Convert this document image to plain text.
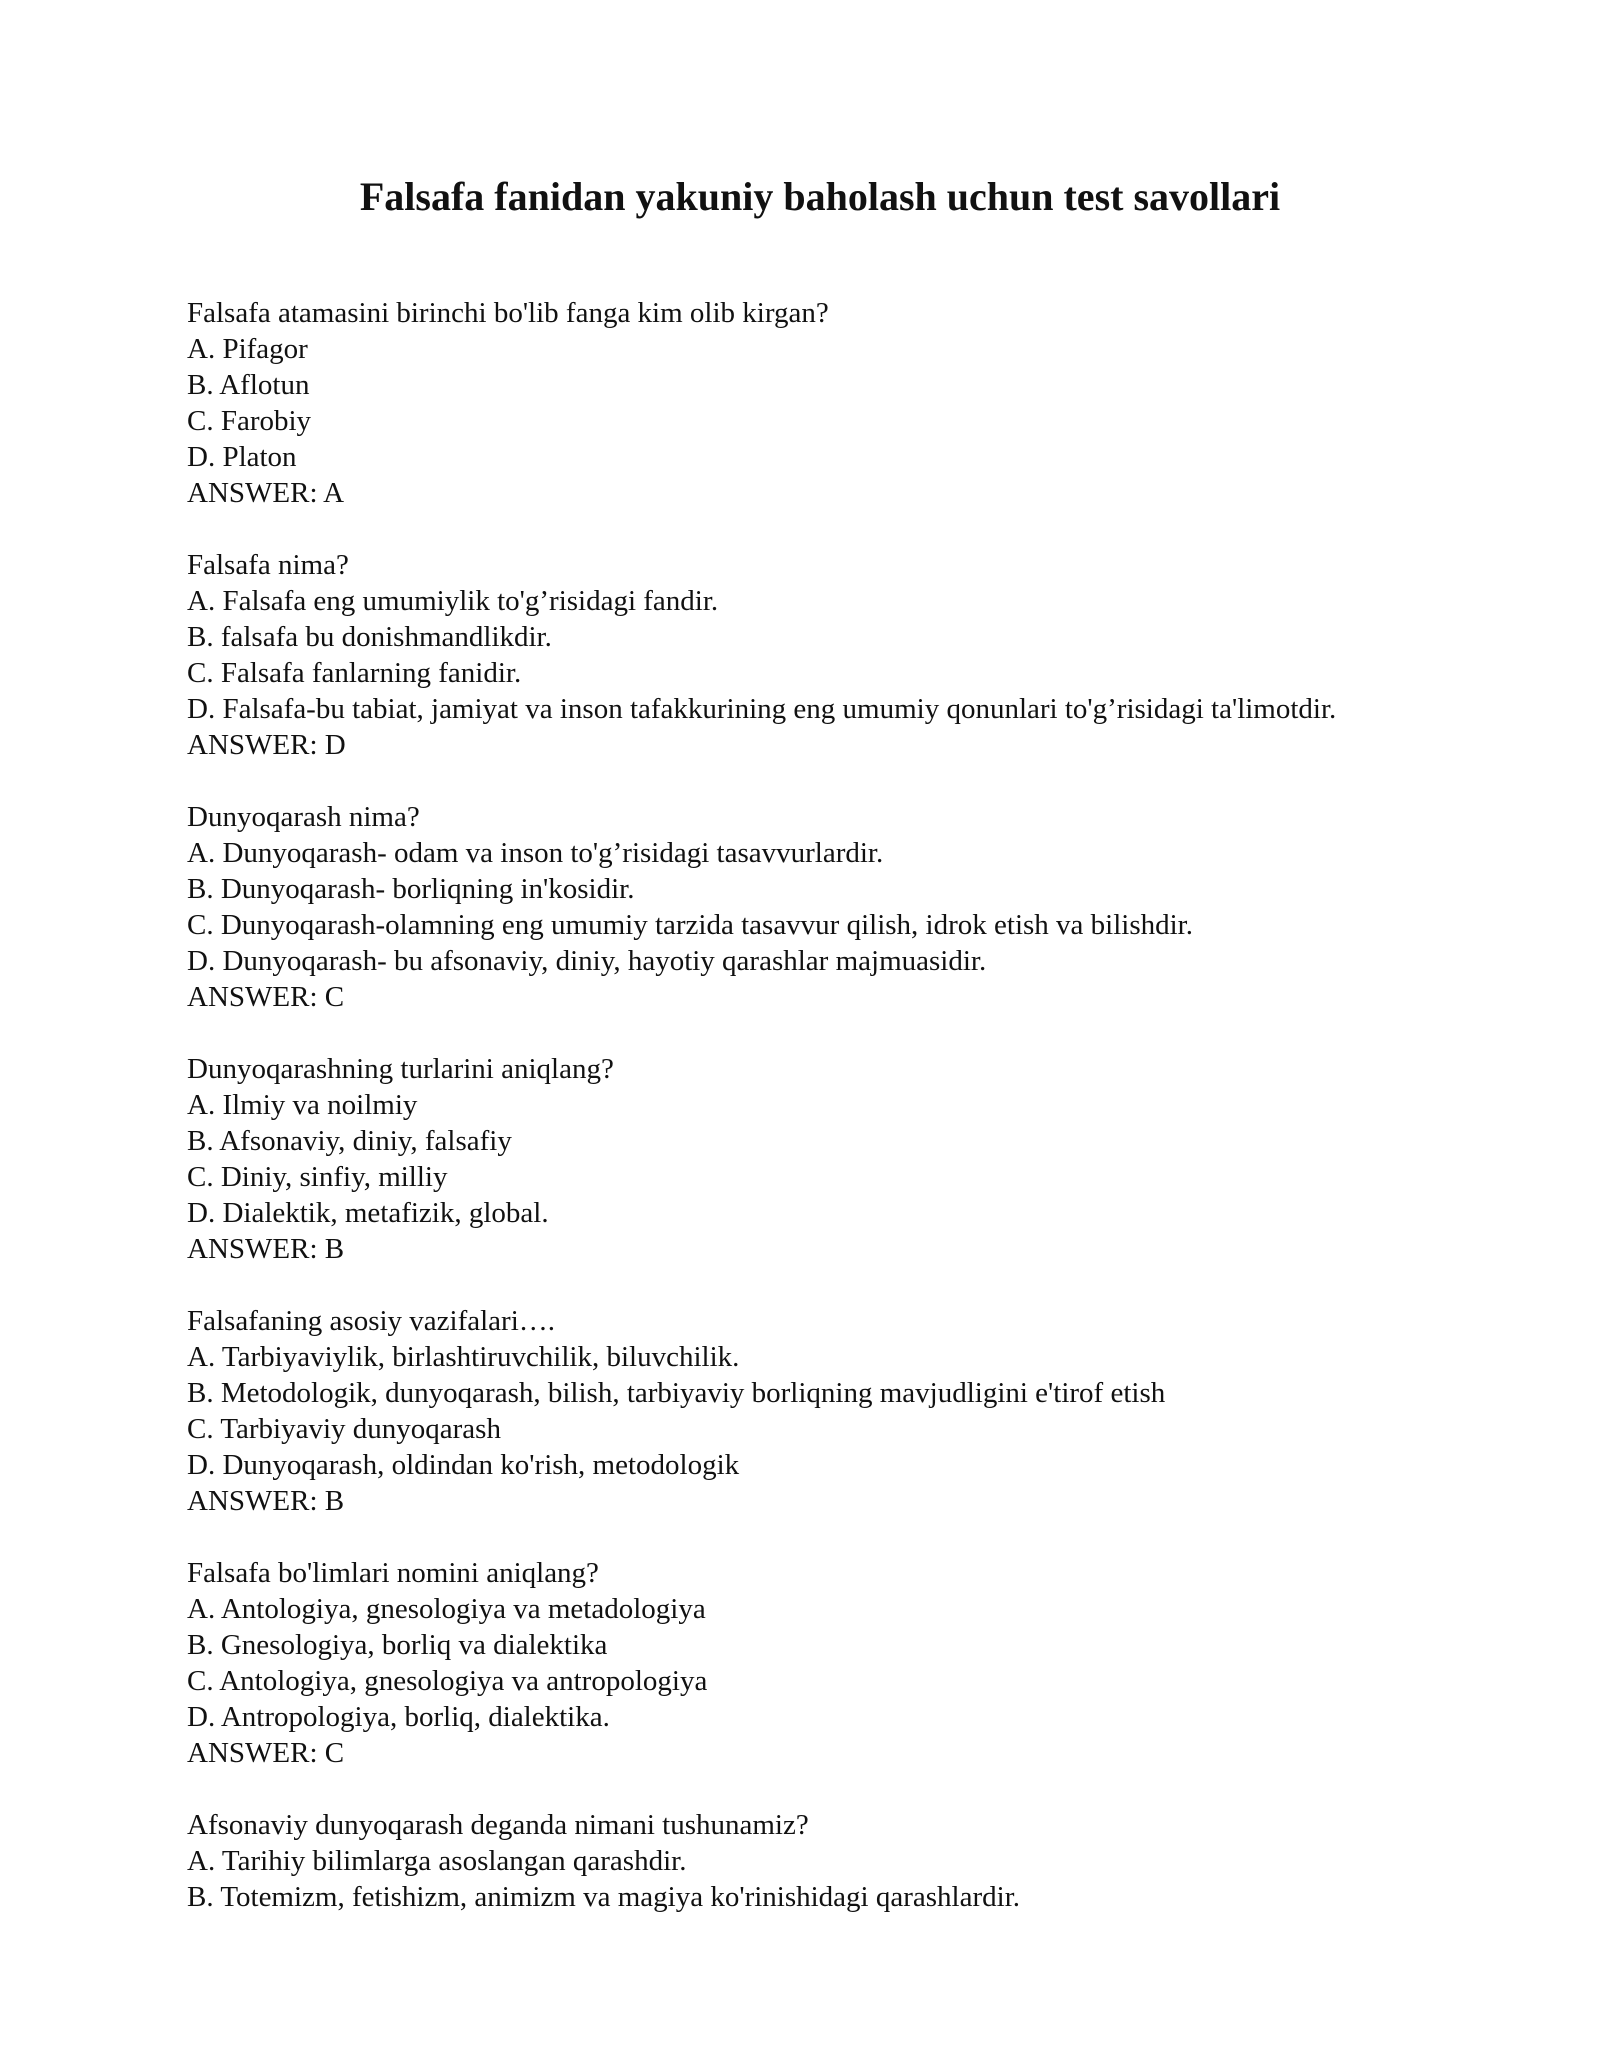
Falsafa fanidan yakuniy baholash uchun test savollari
Falsafa atamasini birinchi bo'lib fanga kim olib kirgan?
A. Pifagor
B. Aflotun
C. Farobiy
D. Platon
ANSWER: A
Falsafa nima?
A. Falsafa eng umumiylik to'g’risidagi fandir.
B. falsafa bu donishmandlikdir.
C. Falsafa fanlarning fanidir.
D. Falsafa-bu tabiat, jamiyat va inson tafakkurining eng umumiy qonunlari to'g’risidagi ta'limotdir.
ANSWER: D
Dunyoqarash nima?
A. Dunyoqarash- odam va inson to'g’risidagi tasavvurlardir.
B. Dunyoqarash- borliqning in'kosidir.
C. Dunyoqarash-olamning eng umumiy tarzida tasavvur qilish, idrok etish va bilishdir.
D. Dunyoqarash- bu afsonaviy, diniy, hayotiy qarashlar majmuasidir.
ANSWER: C
Dunyoqarashning turlarini aniqlang?
A. Ilmiy va noilmiy
B. Afsonaviy, diniy, falsafiy
C. Diniy, sinfiy, milliy
D. Dialektik, metafizik, global.
ANSWER: B
Falsafaning asosiy vazifalari….
A. Tarbiyaviylik, birlashtiruvchilik, biluvchilik.
B. Metodologik, dunyoqarash, bilish, tarbiyaviy borliqning mavjudligini e'tirof etish
C. Tarbiyaviy dunyoqarash
D. Dunyoqarash, oldindan ko'rish, metodologik
ANSWER: B
Falsafa bo'limlari nomini aniqlang?
A. Antologiya, gnesologiya va metadologiya
B. Gnesologiya, borliq va dialektika
C. Antologiya, gnesologiya va antropologiya
D. Antropologiya, borliq, dialektika.
ANSWER: C
Afsonaviy dunyoqarash deganda nimani tushunamiz?
A. Tarihiy bilimlarga asoslangan qarashdir.
B. Totemizm, fetishizm, animizm va magiya ko'rinishidagi qarashlardir.
